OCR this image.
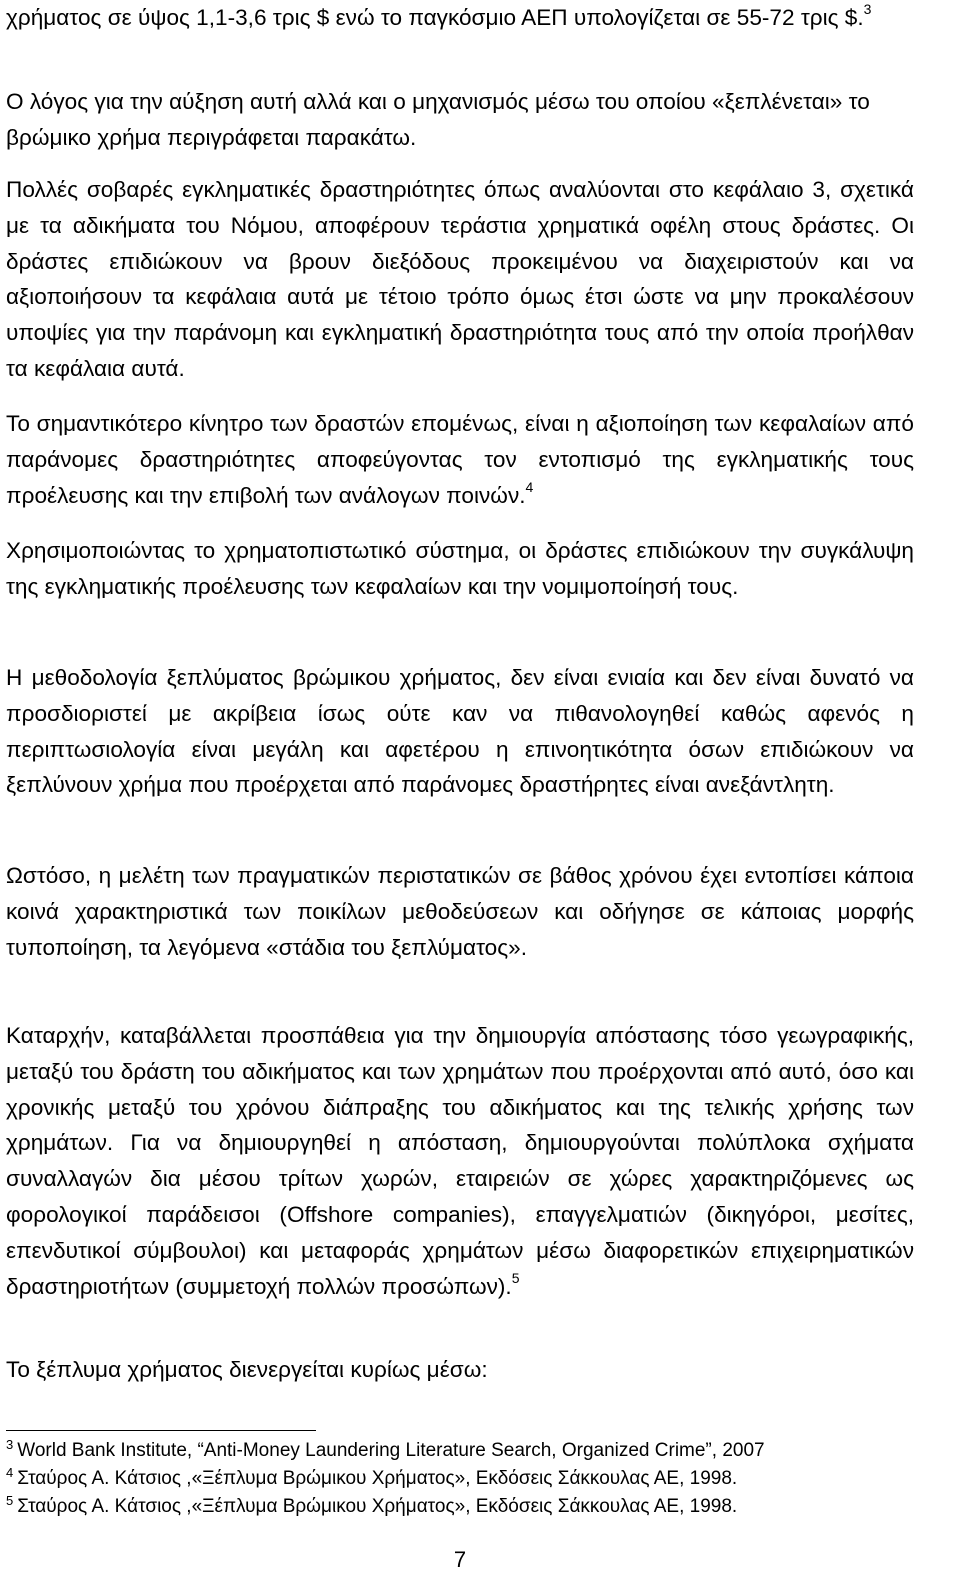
χρήματος σε ύψος 1,1-3,6 τρις $ ενώ το παγκόσμιο ΑΕΠ υπολογίζεται σε 55-72 τρις $.$^3$

Ο λόγος για την αύξηση αυτή αλλά και ο μηχανισμός μέσω του οποίου «ξεπλένεται» το βρώμικο χρήμα περιγράφεται παρακάτω.

Πολλές σοβαρές εγκληματικές δραστηριότητες όπως αναλύονται στο κεφάλαιο 3, σχετικά με τα αδικήματα του Νόμου, αποφέρουν τεράστια χρηματικά οφέλη στους δράστες. Οι δράστες επιδιώκουν να βρουν διεξόδους προκειμένου να διαχειριστούν και να αξιοποιήσουν τα κεφάλαια αυτά με τέτοιο τρόπο όμως έτσι ώστε να μην προκαλέσουν υποψίες για την παράνομη και εγκληματική δραστηριότητα τους από την οποία προήλθαν τα κεφάλαια αυτά.

Το σημαντικότερο κίνητρο των δραστών επομένως, είναι η αξιοποίηση των κεφαλαίων από παράνομες δραστηριότητες αποφεύγοντας τον εντοπισμό της εγκληματικής τους προέλευσης και την επιβολή των ανάλογων ποινών.$^4$

Χρησιμοποιώντας το χρηματοπιστωτικό σύστημα, οι δράστες επιδιώκουν την συγκάλυψη της εγκληματικής προέλευσης των κεφαλαίων και την νομιμοποίησή τους.

Η μεθοδολογία ξεπλύματος βρώμικου χρήματος, δεν είναι ενιαία και δεν είναι δυνατό να προσδιοριστεί με ακρίβεια ίσως ούτε καν να πιθανολογηθεί καθώς αφενός η περιπτωσιολογία είναι μεγάλη και αφετέρου η επινοητικότητα όσων επιδιώκουν να ξεπλύνουν χρήμα που προέρχεται από παράνομες δραστήρητες είναι ανεξάντλητη.

Ωστόσο, η μελέτη των πραγματικών περιστατικών σε βάθος χρόνου έχει εντοπίσει κάποια κοινά χαρακτηριστικά των ποικίλων μεθοδεύσεων και οδήγησε σε κάποιας μορφής τυποποίηση, τα λεγόμενα «στάδια του ξεπλύματος».

Καταρχήν, καταβάλλεται προσπάθεια για την δημιουργία απόστασης τόσο γεωγραφικής, μεταξύ του δράστη του αδικήματος και των χρημάτων που προέρχονται από αυτό, όσο και χρονικής μεταξύ του χρόνου διάπραξης του αδικήματος και της τελικής χρήσης των χρημάτων. Για να δημιουργηθεί η απόσταση, δημιουργούνται πολύπλοκα σχήματα συναλλαγών δια μέσου τρίτων χωρών, εταιρειών σε χώρες χαρακτηριζόμενες ως φορολογικοί παράδεισοι (Offshore companies), επαγγελματιών (δικηγόροι, μεσίτες, επενδυτικοί σύμβουλοι) και μεταφοράς χρημάτων μέσω διαφορετικών επιχειρηματικών δραστηριοτήτων (συμμετοχή πολλών προσώπων).$^5$

Το ξέπλυμα χρήματος διενεργείται κυρίως μέσω:

$^3$ World Bank Institute, “Anti-Money Laundering Literature Search, Organized Crime”, 2007

$^4$ Σταύρος Α. Κάτσιος ,«Ξέπλυμα Βρώμικου Χρήματος», Εκδόσεις Σάκκουλας ΑΕ, 1998.

$^5$ Σταύρος Α. Κάτσιος ,«Ξέπλυμα Βρώμικου Χρήματος», Εκδόσεις Σάκκουλας ΑΕ, 1998.

7
